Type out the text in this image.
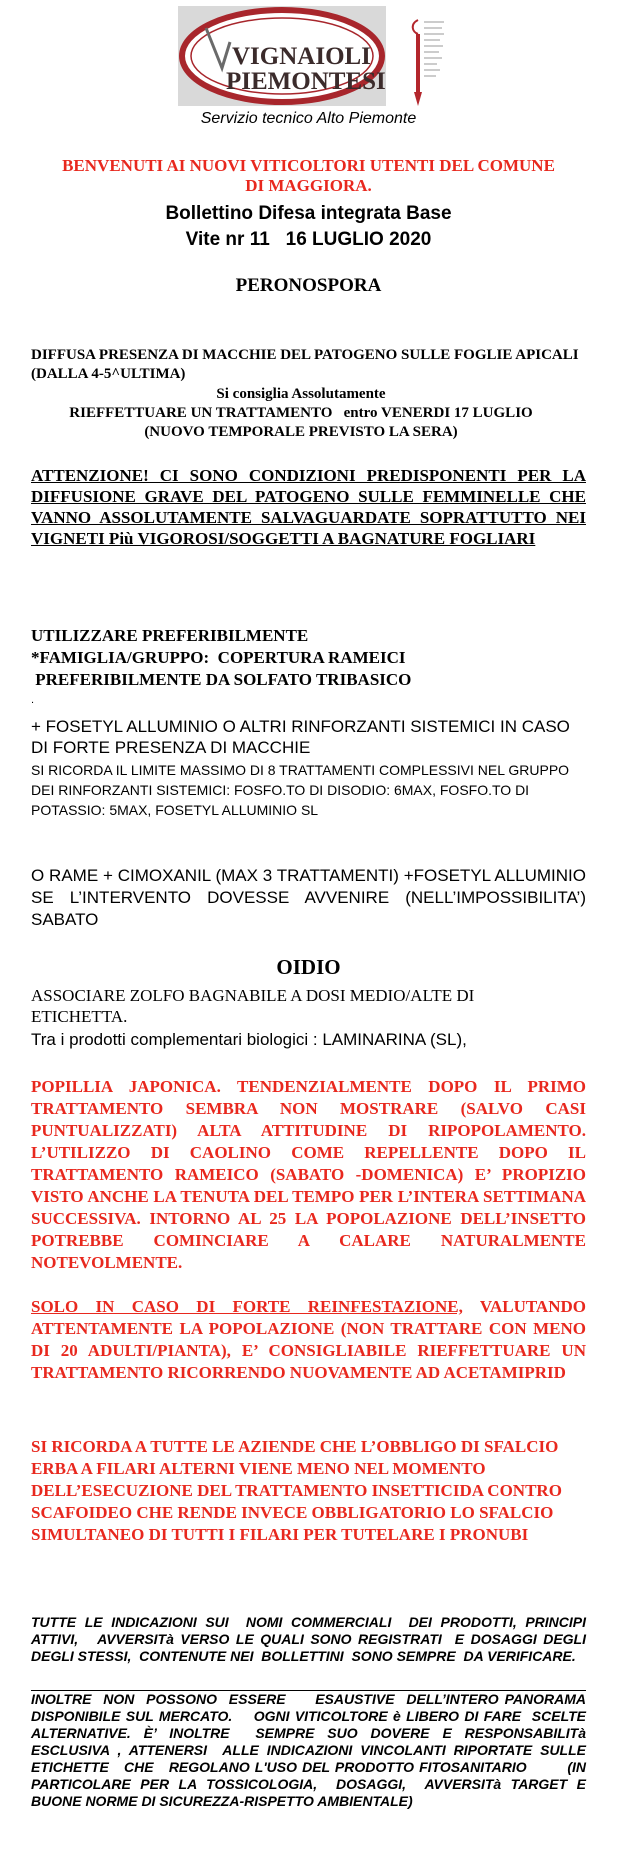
VIGNAIOLI
PIEMONTESI
Servizio tecnico Alto Piemonte
BENVENUTI AI NUOVI VITICOLTORI UTENTI DEL COMUNE
DI MAGGIORA.
Bollettino Difesa integrata Base
Vite nr 11   16 LUGLIO 2020
PERONOSPORA
DIFFUSA PRESENZA DI MACCHIE DEL PATOGENO SULLE FOGLIE APICALI (DALLA 4-5^ULTIMA)
Si consiglia Assolutamente
RIEFFETTUARE UN TRATTAMENTO   entro VENERDI 17 LUGLIO
(NUOVO TEMPORALE PREVISTO LA SERA)
ATTENZIONE! CI SONO CONDIZIONI PREDISPONENTI PER LA DIFFUSIONE GRAVE DEL PATOGENO SULLE FEMMINELLE CHE VANNO ASSOLUTAMENTE SALVAGUARDATE SOPRATTUTTO NEI VIGNETI Più VIGOROSI/SOGGETTI A BAGNATURE FOGLIARI
UTILIZZARE PREFERIBILMENTE
*FAMIGLIA/GRUPPO:  COPERTURA RAMEICI
PREFERIBILMENTE DA SOLFATO TRIBASICO
.
+ FOSETYL ALLUMINIO O ALTRI RINFORZANTI SISTEMICI IN CASO DI FORTE PRESENZA DI MACCHIE
SI RICORDA IL LIMITE MASSIMO DI 8 TRATTAMENTI COMPLESSIVI NEL GRUPPO DEI RINFORZANTI SISTEMICI: FOSFO.TO DI DISODIO: 6MAX, FOSFO.TO DI POTASSIO: 5MAX, FOSETYL ALLUMINIO SL
O RAME + CIMOXANIL (MAX 3 TRATTAMENTI) +FOSETYL ALLUMINIO SE L’INTERVENTO DOVESSE AVVENIRE (NELL’IMPOSSIBILITA’) SABATO
OIDIO
ASSOCIARE ZOLFO BAGNABILE A DOSI MEDIO/ALTE DI ETICHETTA.
Tra i prodotti complementari biologici : LAMINARINA (SL),
POPILLIA JAPONICA. TENDENZIALMENTE DOPO IL PRIMO TRATTAMENTO SEMBRA NON MOSTRARE (SALVO CASI PUNTUALIZZATI) ALTA ATTITUDINE DI RIPOPOLAMENTO. L’UTILIZZO DI CAOLINO COME REPELLENTE DOPO IL TRATTAMENTO RAMEICO (SABATO -DOMENICA) E’ PROPIZIO VISTO ANCHE LA TENUTA DEL TEMPO PER L’INTERA SETTIMANA SUCCESSIVA. INTORNO AL 25 LA POPOLAZIONE DELL’INSETTO POTREBBE COMINCIARE A CALARE NATURALMENTE NOTEVOLMENTE.
SOLO IN CASO DI FORTE REINFESTAZIONE, VALUTANDO ATTENTAMENTE LA POPOLAZIONE (NON TRATTARE CON MENO DI 20 ADULTI/PIANTA), E’ CONSIGLIABILE RIEFFETTUARE UN TRATTAMENTO RICORRENDO NUOVAMENTE AD ACETAMIPRID
SI RICORDA A TUTTE LE AZIENDE CHE L’OBBLIGO DI SFALCIO ERBA A FILARI ALTERNI VIENE MENO NEL MOMENTO DELL’ESECUZIONE DEL TRATTAMENTO INSETTICIDA CONTRO SCAFOIDEO CHE RENDE INVECE OBBLIGATORIO LO SFALCIO SIMULTANEO DI TUTTI I FILARI PER TUTELARE I PRONUBI
TUTTE LE INDICAZIONI SUI  NOMI COMMERCIALI  DEI PRODOTTI, PRINCIPI ATTIVI,   AVVERSITà VERSO LE QUALI SONO REGISTRATI  E DOSAGGI DEGLI  DEGLI STESSI,  CONTENUTE NEI  BOLLETTINI  SONO SEMPRE  DA VERIFICARE.
INOLTRE  NON  POSSONO  ESSERE     ESAUSTIVE  DELL’INTERO PANORAMA DISPONIBILE SUL MERCATO.    OGNI VITICOLTORE è LIBERO DI FARE  SCELTE ALTERNATIVE. È’ INOLTRE  SEMPRE SUO DOVERE E RESPONSABILITà ESCLUSIVA , ATTENERSI  ALLE INDICAZIONI VINCOLANTI RIPORTATE SULLE ETICHETTE   CHE   REGOLANO L'USO DEL PRODOTTO FITOSANITARIO        (IN PARTICOLARE PER LA TOSSICOLOGIA,  DOSAGGI,  AVVERSITà TARGET E BUONE NORME DI SICUREZZA-RISPETTO AMBIENTALE)
